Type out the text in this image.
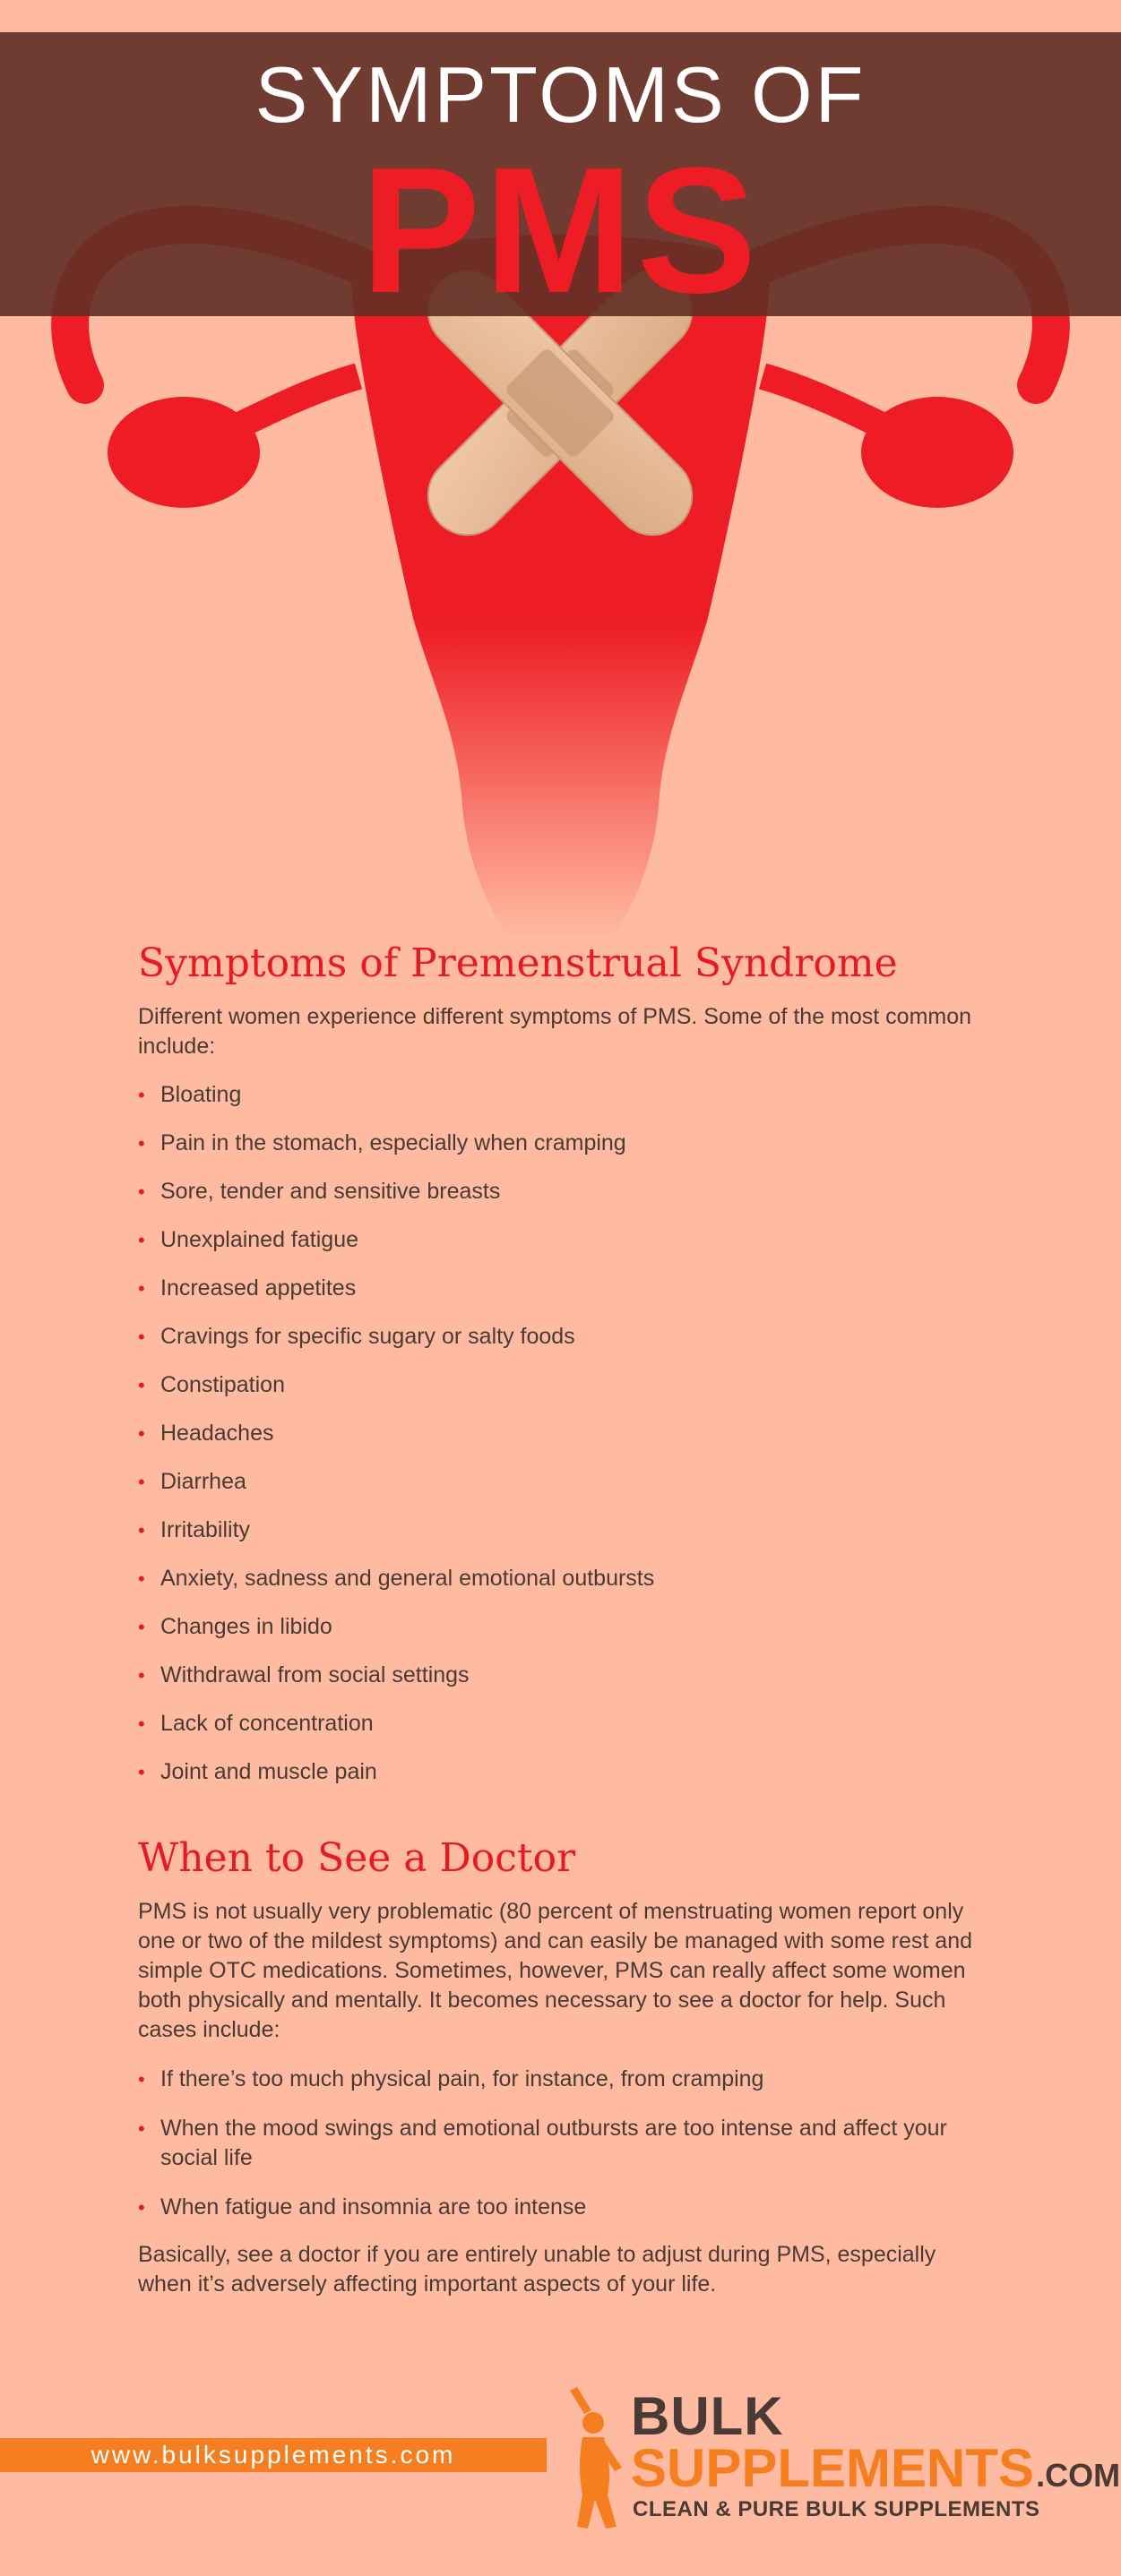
SYMPTOMS OF
PMS
Symptoms of Premenstrual Syndrome

Different women experience different symptoms of PMS. Some of the most common include:

• Bloating
• Pain in the stomach, especially when cramping
• Sore, tender and sensitive breasts
• Unexplained fatigue
• Increased appetites
• Cravings for specific sugary or salty foods
• Constipation
• Headaches
• Diarrhea
• Irritability
• Anxiety, sadness and general emotional outbursts
• Changes in libido
• Withdrawal from social settings
• Lack of concentration
• Joint and muscle pain
When to See a Doctor

PMS is not usually very problematic (80 percent of menstruating women report only one or two of the mildest symptoms) and can easily be managed with some rest and simple OTC medications. Sometimes, however, PMS can really affect some women both physically and mentally. It becomes necessary to see a doctor for help. Such cases include:

• If there’s too much physical pain, for instance, from cramping
• When the mood swings and emotional outbursts are too intense and affect your social life
• When fatigue and insomnia are too intense

Basically, see a doctor if you are entirely unable to adjust during PMS, especially when it’s adversely affecting important aspects of your life.

www.bulksupplements.com
BULK
SUPPLEMENTS.COM
CLEAN & PURE BULK SUPPLEMENTS
